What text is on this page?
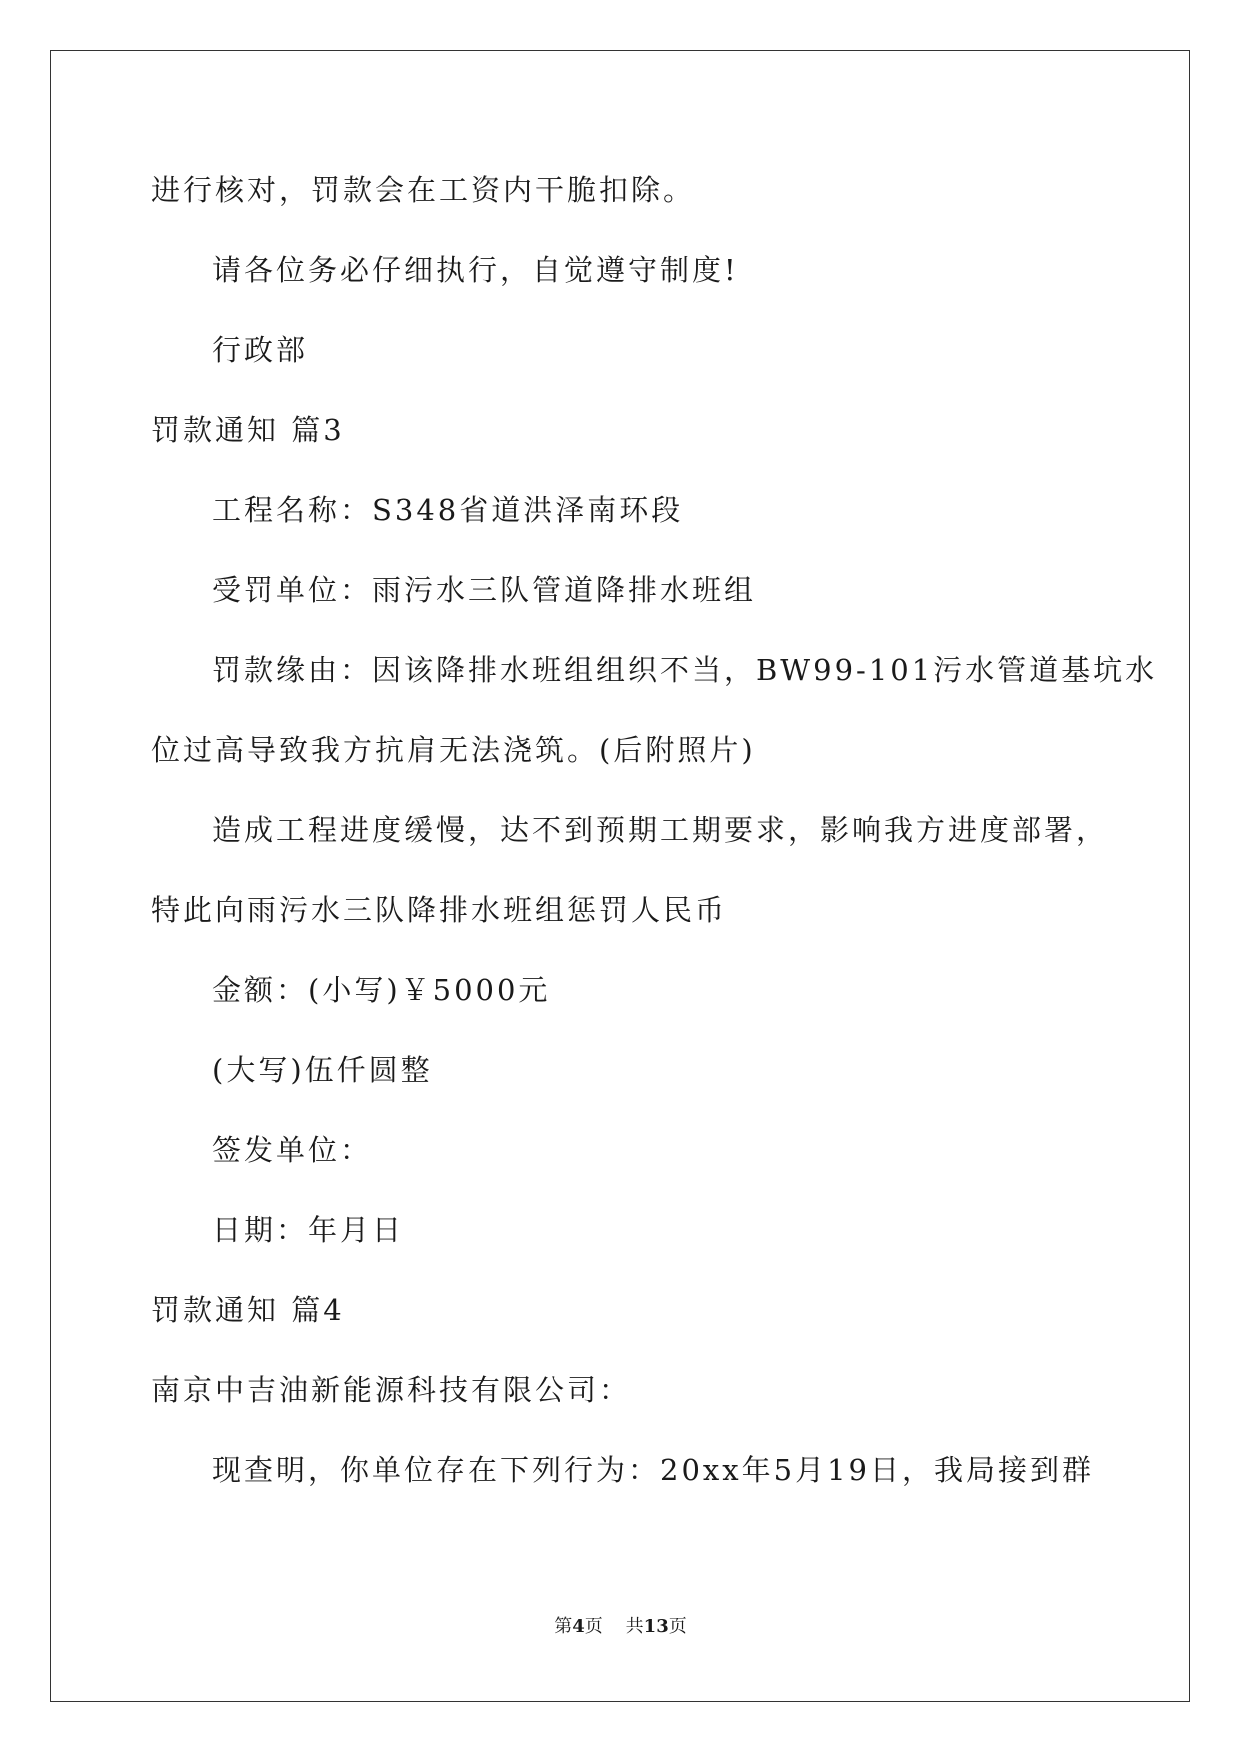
进行核对，罚款会在工资内干脆扣除。
请各位务必仔细执行，自觉遵守制度!
行政部
罚款通知 篇3
工程名称：S348省道洪泽南环段
受罚单位：雨污水三队管道降排水班组
罚款缘由：因该降排水班组组织不当，BW99-101污水管道基坑水
位过高导致我方抗肩无法浇筑。(后附照片)
造成工程进度缓慢，达不到预期工期要求，影响我方进度部署，
特此向雨污水三队降排水班组惩罚人民币
金额：(小写)￥5000元
(大写)伍仟圆整
签发单位：
日期：年月日
罚款通知 篇4
南京中吉油新能源科技有限公司：
现查明，你单位存在下列行为：20xx年5月19日，我局接到群
第4页 共13页
